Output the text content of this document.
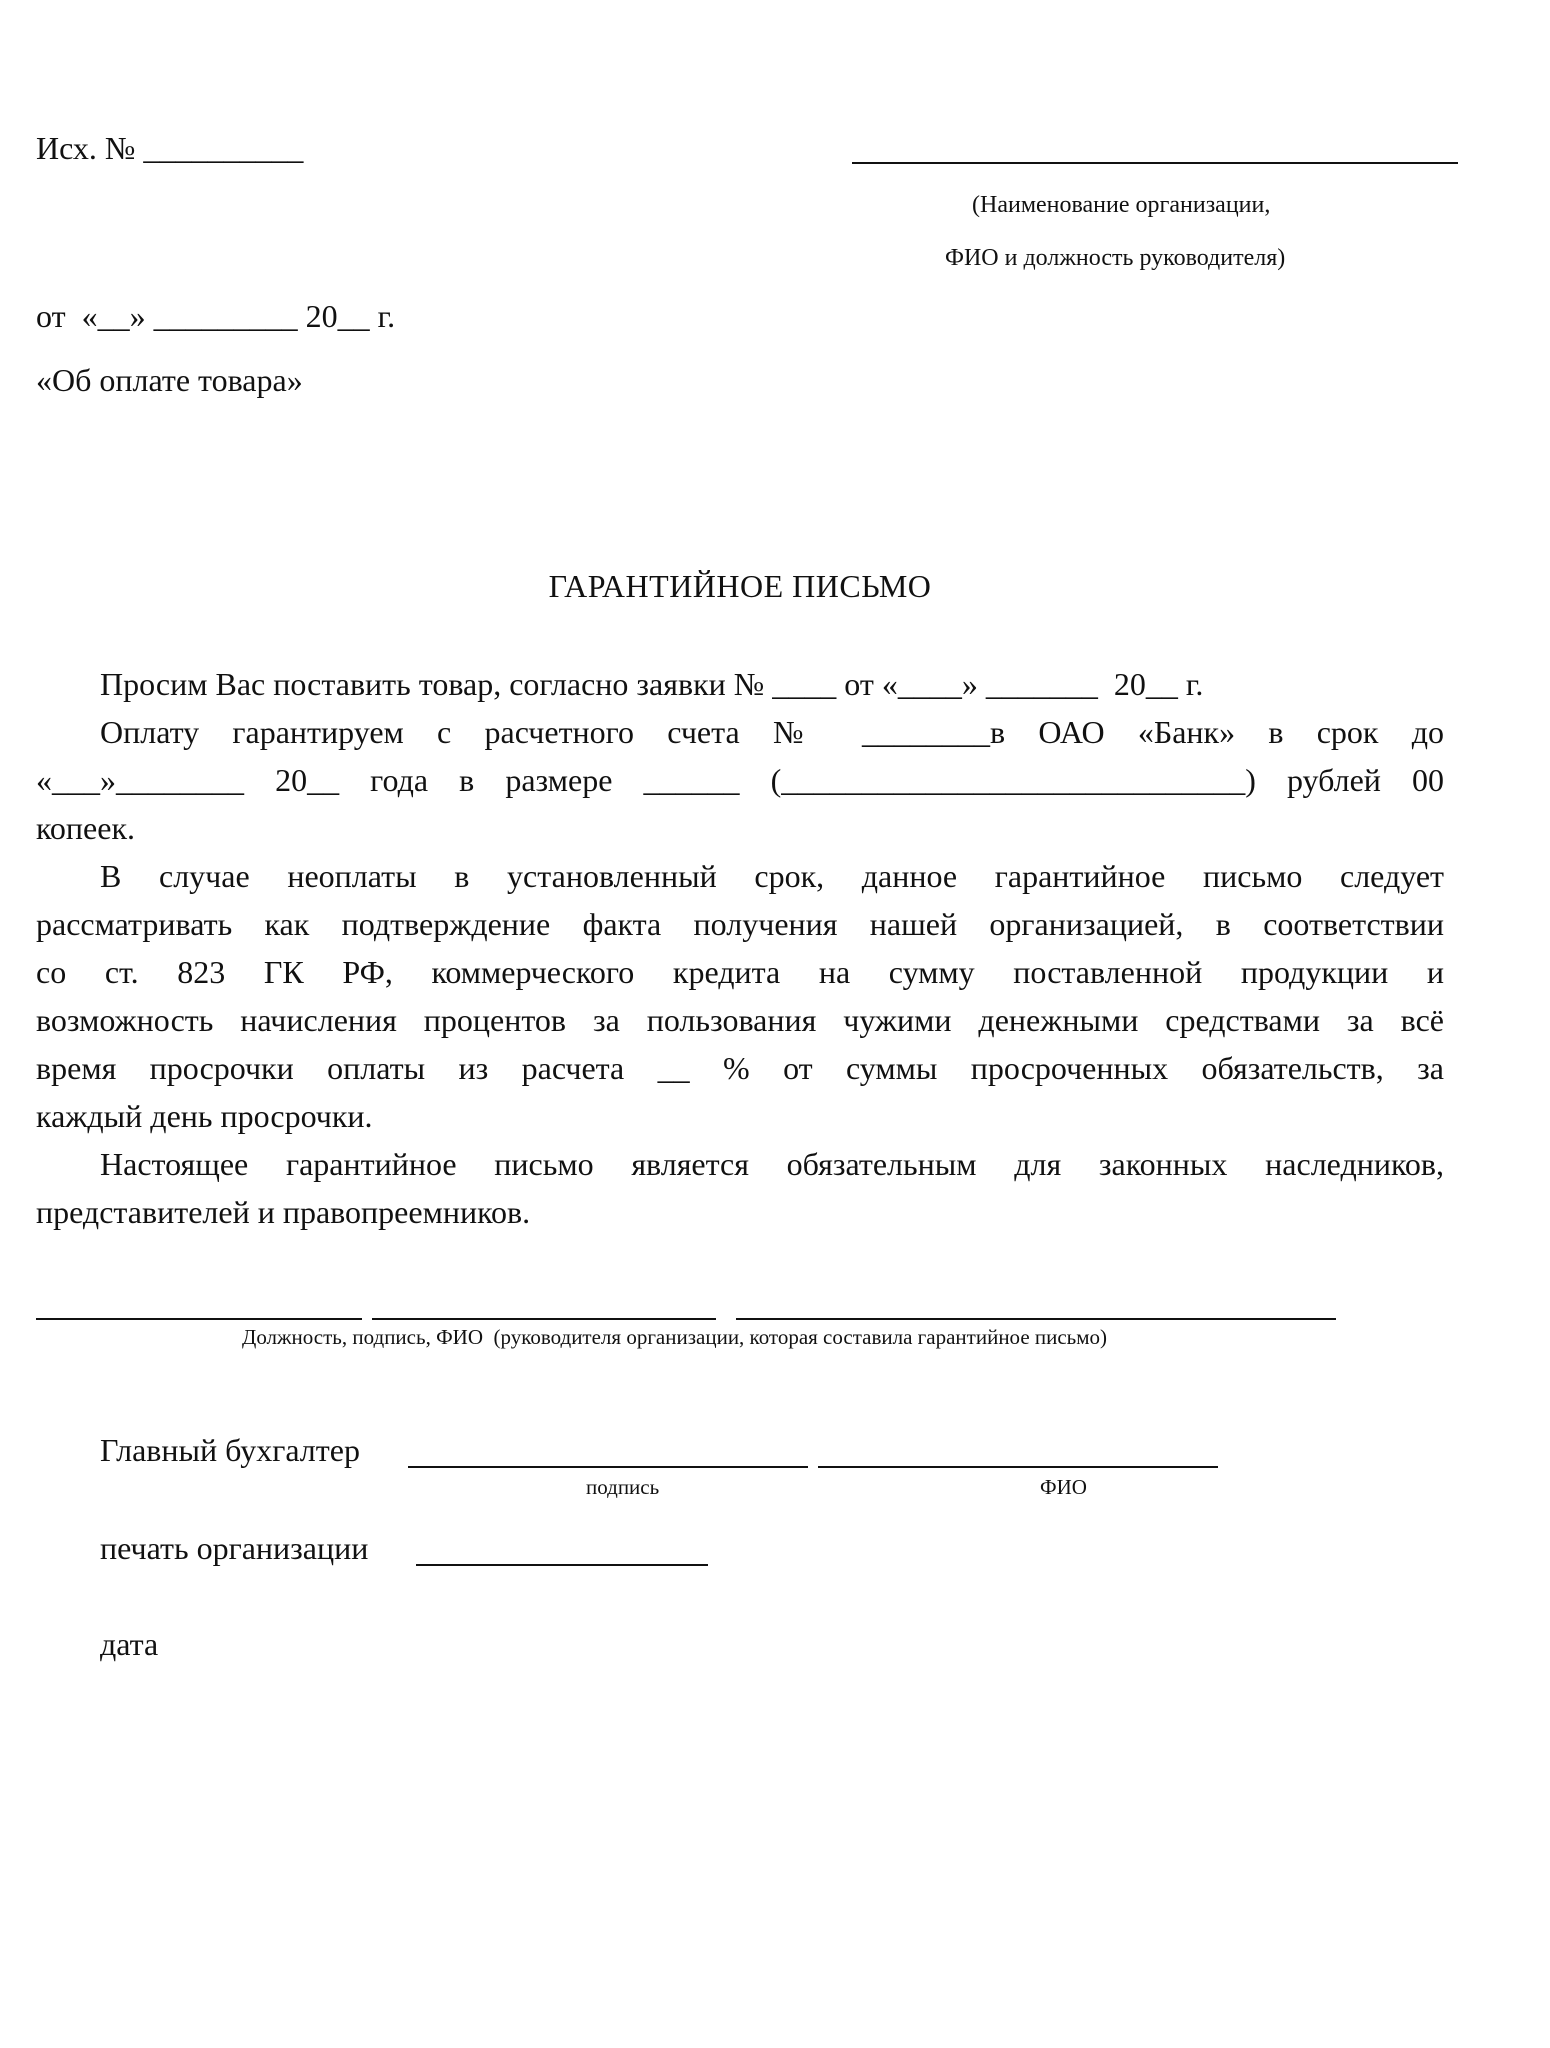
Исх. № __________
(Наименование организации,
ФИО и должность руководителя)
от  «__» _________ 20__ г.
«Об оплате товара»
ГАРАНТИЙНОЕ ПИСЬМО
Просим Вас поставить товар, согласно заявки № ____ от «____» _______  20__ г.
Оплату гарантируем с расчетного счета № ________в ОАО «Банк» в срок до
«___»________ 20__ года в размере ______ (_____________________________) рублей 00
копеек.
В случае неоплаты в установленный срок, данное гарантийное письмо следует
рассматривать как подтверждение факта получения нашей организацией, в соответствии
со ст. 823 ГК РФ, коммерческого кредита на сумму поставленной продукции и
возможность начисления процентов за пользования чужими денежными средствами за всё
время просрочки оплаты из расчета __ % от суммы просроченных обязательств, за
каждый день просрочки.
Настоящее гарантийное письмо является обязательным для законных наследников,
представителей и правопреемников.
Должность, подпись, ФИО  (руководителя организации, которая составила гарантийное письмо)
Главный бухгалтер
подпись	ФИО
печать организации
дата
